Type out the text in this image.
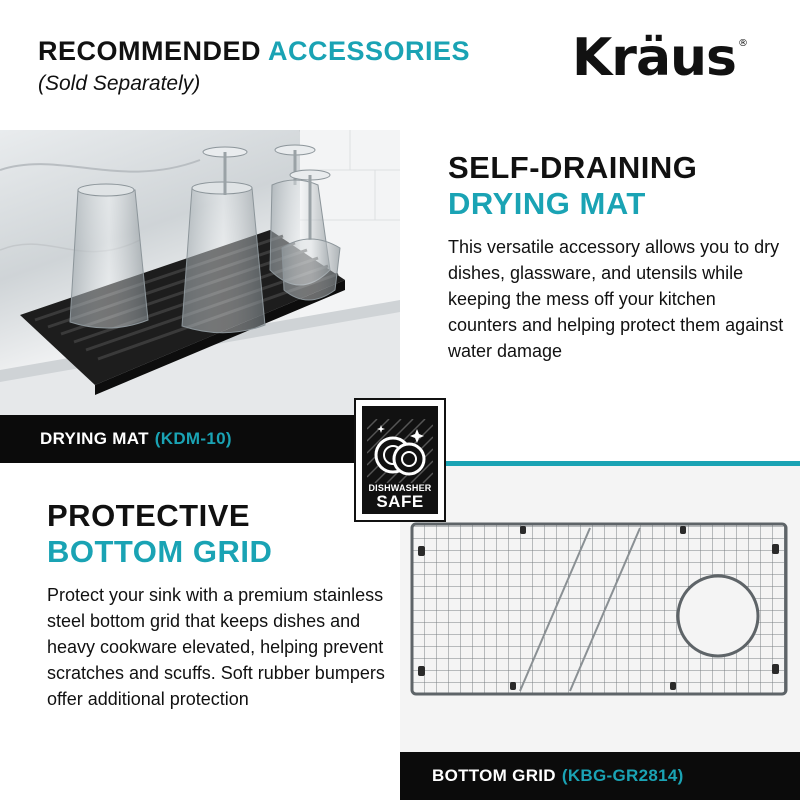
RECOMMENDED ACCESSORIES
(Sold Separately)	Kräus ®
SELF-DRAINING
DRYING MAT
This versatile accessory allows you to dry dishes, glassware, and utensils while keeping the mess off your kitchen counters and helping protect them against water damage
DRYING MAT (KDM-10)
PROTECTIVE
BOTTOM GRID
Protect your sink with a premium stainless steel bottom grid that keeps dishes and heavy cookware elevated, helping prevent scratches and scuffs. Soft rubber bumpers offer additional protection
BOTTOM GRID (KBG-GR2814)
DISHWASHER
SAFE
